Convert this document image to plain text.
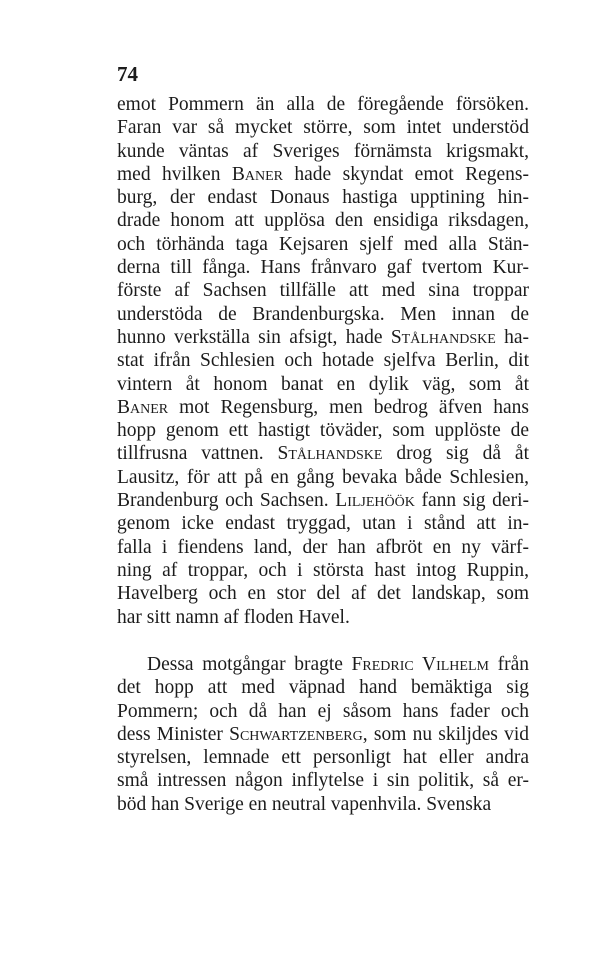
74
emot Pommern än alla de föregående försöken.
Faran var så mycket större, som intet understöd
kunde väntas af Sveriges förnämsta krigsmakt,
med hvilken Baner hade skyndat emot Regens-
burg, der endast Donaus hastiga upptining hin-
drade honom att upplösa den ensidiga riksdagen,
och törhända taga Kejsaren sjelf med alla Stän-
derna till fånga. Hans frånvaro gaf tvertom Kur-
förste af Sachsen tillfälle att med sina troppar
understöda de Brandenburgska. Men innan de
hunno verkställa sin afsigt, hade Stålhandske ha-
stat ifrån Schlesien och hotade sjelfva Berlin, dit
vintern åt honom banat en dylik väg, som åt
Baner mot Regensburg, men bedrog äfven hans
hopp genom ett hastigt töväder, som upplöste de
tillfrusna vattnen. Stålhandske drog sig då åt
Lausitz, för att på en gång bevaka både Schlesien,
Brandenburg och Sachsen. Liljehöök fann sig deri-
genom icke endast tryggad, utan i stånd att in-
falla i fiendens land, der han afbröt en ny värf-
ning af troppar, och i största hast intog Ruppin,
Havelberg och en stor del af det landskap, som
har sitt namn af floden Havel.
Dessa motgångar bragte Fredric Vilhelm från
det hopp att med väpnad hand bemäktiga sig
Pommern; och då han ej såsom hans fader och
dess Minister Schwartzenberg, som nu skiljdes vid
styrelsen, lemnade ett personligt hat eller andra
små intressen någon inflytelse i sin politik, så er-
böd han Sverige en neutral vapenhvila. Svenska
